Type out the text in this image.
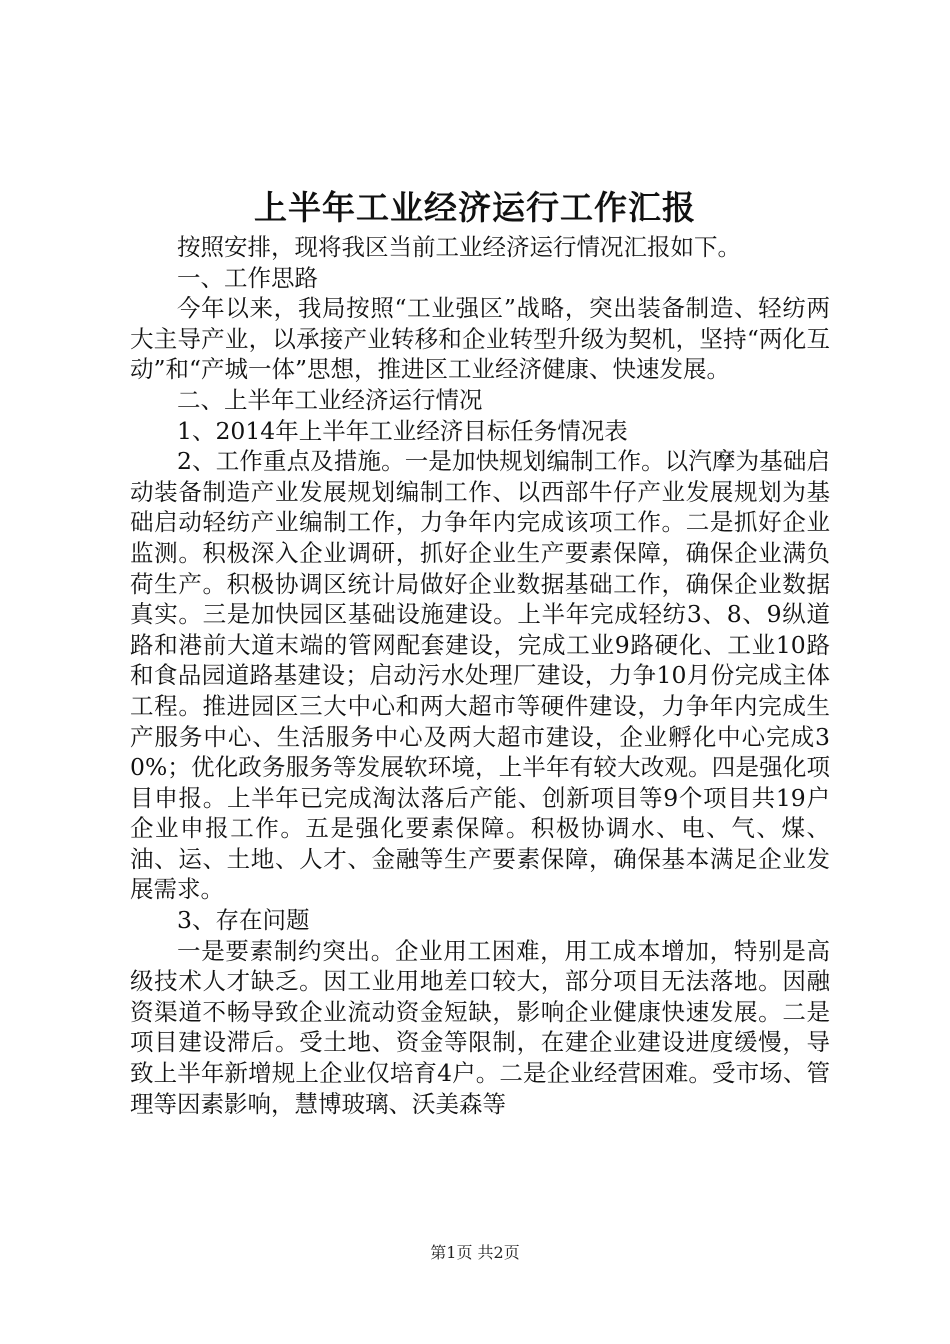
上半年工业经济运行工作汇报

按照安排，现将我区当前工业经济运行情况汇报如下。

一、工作思路

今年以来，我局按照“工业强区”战略，突出装备制造、轻纺两大主导产业，以承接产业转移和企业转型升级为契机，坚持“两化互动”和“产城一体”思想，推进区工业经济健康、快速发展。

二、上半年工业经济运行情况

1、2014年上半年工业经济目标任务情况表

2、工作重点及措施。一是加快规划编制工作。以汽摩为基础启动装备制造产业发展规划编制工作、以西部牛仔产业发展规划为基础启动轻纺产业编制工作，力争年内完成该项工作。二是抓好企业监测。积极深入企业调研，抓好企业生产要素保障，确保企业满负荷生产。积极协调区统计局做好企业数据基础工作，确保企业数据真实。三是加快园区基础设施建设。上半年完成轻纺3、8、9纵道路和港前大道末端的管网配套建设，完成工业9路硬化、工业10路和食品园道路基建设；启动污水处理厂建设，力争10月份完成主体工程。推进园区三大中心和两大超市等硬件建设，力争年内完成生产服务中心、生活服务中心及两大超市建设，企业孵化中心完成30%；优化政务服务等发展软环境，上半年有较大改观。四是强化项目申报。上半年已完成淘汰落后产能、创新项目等9个项目共19户企业申报工作。五是强化要素保障。积极协调水、电、气、煤、油、运、土地、人才、金融等生产要素保障，确保基本满足企业发展需求。

3、存在问题

一是要素制约突出。企业用工困难，用工成本增加，特别是高级技术人才缺乏。因工业用地差口较大，部分项目无法落地。因融资渠道不畅导致企业流动资金短缺，影响企业健康快速发展。二是项目建设滞后。受土地、资金等限制，在建企业建设进度缓慢，导致上半年新增规上企业仅培育4户。二是企业经营困难。受市场、管理等因素影响，慧博玻璃、沃美森等

第1页 共2页
